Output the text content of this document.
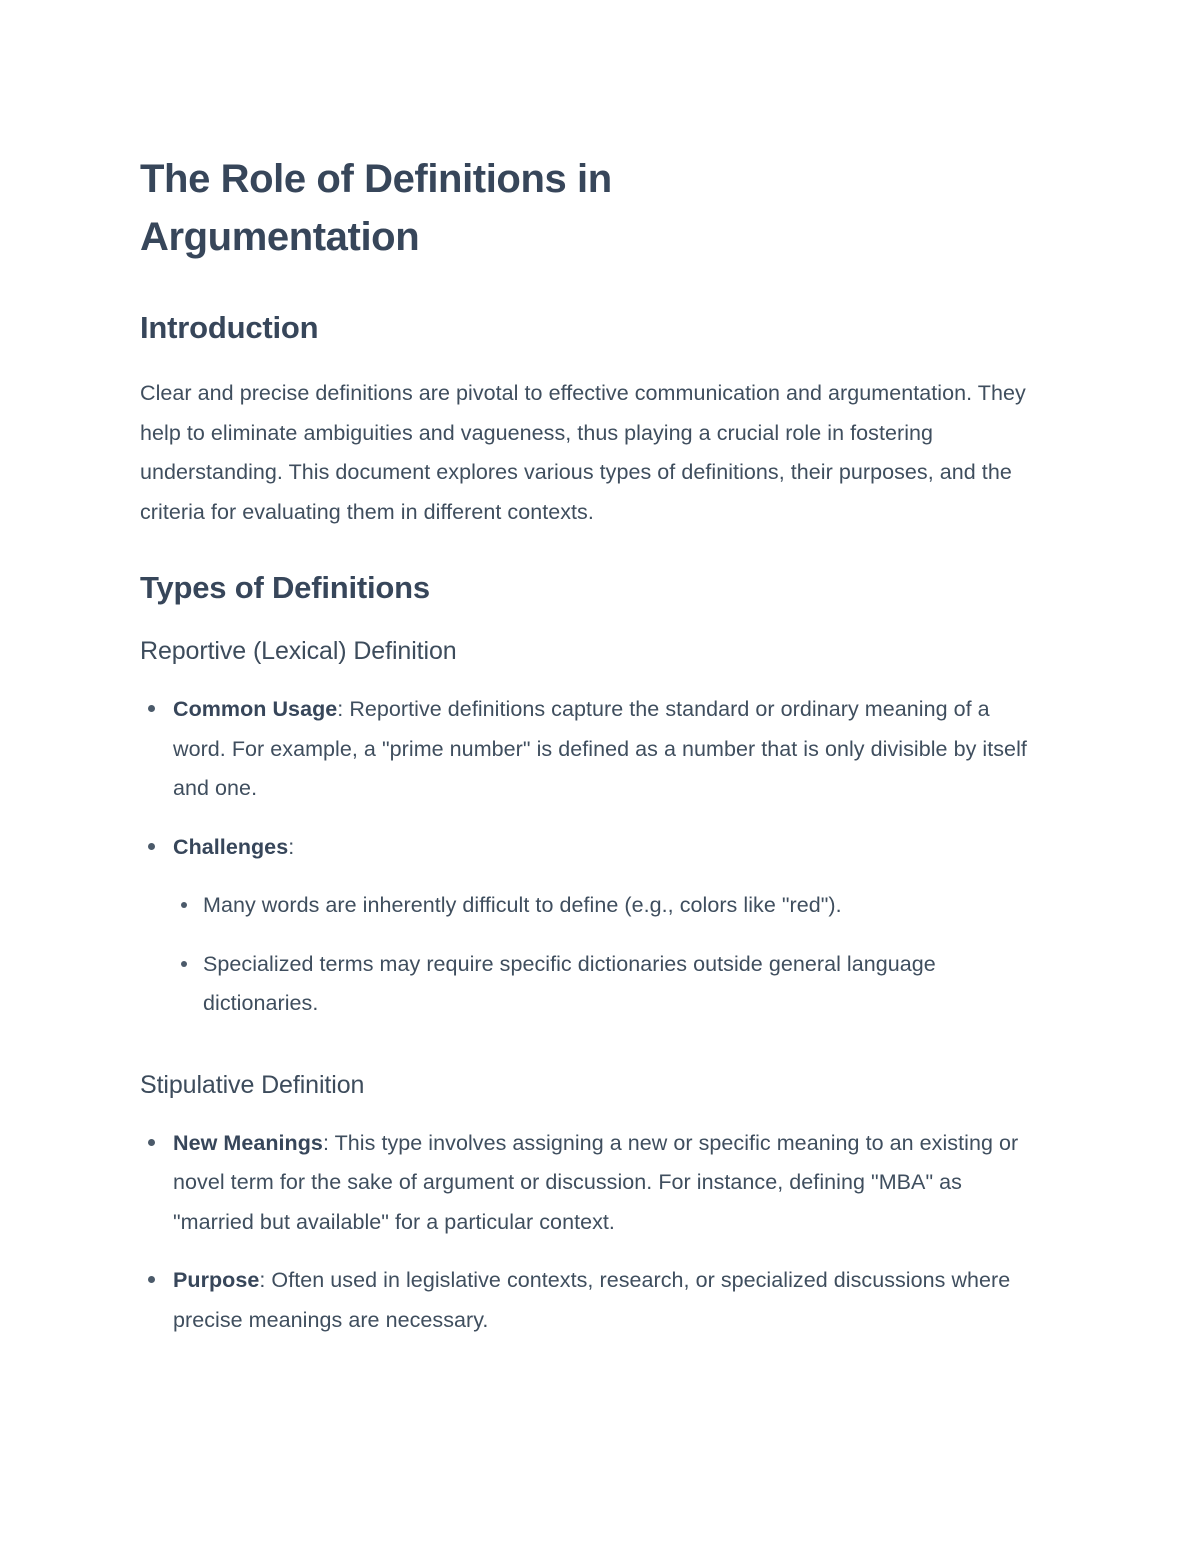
The Role of Definitions in Argumentation
Introduction

Clear and precise definitions are pivotal to effective communication and argumentation. They help to eliminate ambiguities and vagueness, thus playing a crucial role in fostering understanding. This document explores various types of definitions, their purposes, and the criteria for evaluating them in different contexts.

Types of Definitions
Reportive (Lexical) Definition
Common Usage: Reportive definitions capture the standard or ordinary meaning of a word. For example, a "prime number" is defined as a number that is only divisible by itself and one.
Challenges:
Many words are inherently difficult to define (e.g., colors like "red").
Specialized terms may require specific dictionaries outside general language dictionaries.
Stipulative Definition
New Meanings: This type involves assigning a new or specific meaning to an existing or novel term for the sake of argument or discussion. For instance, defining "MBA" as "married but available" for a particular context.
Purpose: Often used in legislative contexts, research, or specialized discussions where precise meanings are necessary.
